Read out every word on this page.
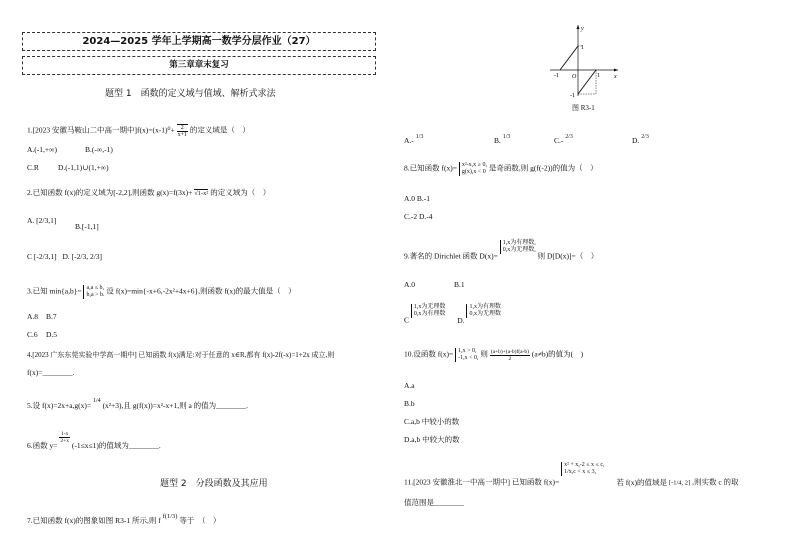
2024—2025 学年上学期高一数学分层作业（27）
第三章章末复习
题型 1　函数的定义域与值域、解析式求法
1.[2023 安徽马鞍山二中高一期中]$f(x)=(x-1)^0+ \frac{2}{x+1}$ 的定义域是（　）
A.(-1,+∞)	B.(-∞,-1)
C.R	D.(-1,1)∪(1,+∞)
2.已知函数 f(x)的定义域为[-2,2],则函数 g(x)=f(3x)+ √1-x² 的定义域为（　）
A. [2/3,1]
B.[-1,1]
C [-2/3,1] D. [-2/3, 2/3]
3.已知 min{a,b}= a,a ≤ b,
b,a > b. 设 f(x)=min{-x+6,-2x²+4x+6},则函数 f(x)的最大值是（　）
A.8 B.7
C.6 D.5
4.[2023 广东东莞实验中学高一期中] 已知函数 f(x)满足:对于任意的 x∈R,都有 f(x)-2f(-x)=1+2x 成立,则
f(x)=________.
5.设 f(x)=2x+a,g(x)= $^{1/4}$ (x²+3),且 g(f(x))=x²-x+1,则 a 的值为________.
6.函数 y=
$\frac{1-x}{2+x}$
(-1≤x≤1)的值域为________.
题型 2　分段函数及其应用
7.已知函数 f(x)的图象如图 R3-1 所示,则 f f(1/3) 等于　（　）
y
x
O
1
-1
-1	1
图 R3-1
A.- $^{1/3}$	B. $^{1/3}$	C.- $^{2/3}$	D. $^{2/3}$
8.已知函数 f(x)= x²-x,x ≥ 0,
g(x),x < 0 是奇函数,则 g(f(-2))的值为（　）
A.0 B.-1
C.-2 D.-4
9.著名的 Dirichlet 函数 D(x)= 1,x为有理数,
0,x为无理数, 则 D[D(x)]=（　）
A.0	B.1
C 1,x为无理数
0,x为有理数 D. 1,x为有理数
0,x为无理数
10.设函数 f(x)= 1,x > 0,
-1,x < 0, 则 $\frac{(a+b)+(a-b)f(a-b)}{2} (a\ne b)$的值为(　)
A.a
B.b
C.a,b 中较小的数
D.a,b 中较大的数
11.[2023 安徽淮北一中高一期中] 已知函数 f(x)= x² + x,-2 ≤ x ≤ c,
1/x,c < x ≤ 3, 若 f(x)的值域是 [-1/4, 2] ,则实数 c 的取
值范围是________
